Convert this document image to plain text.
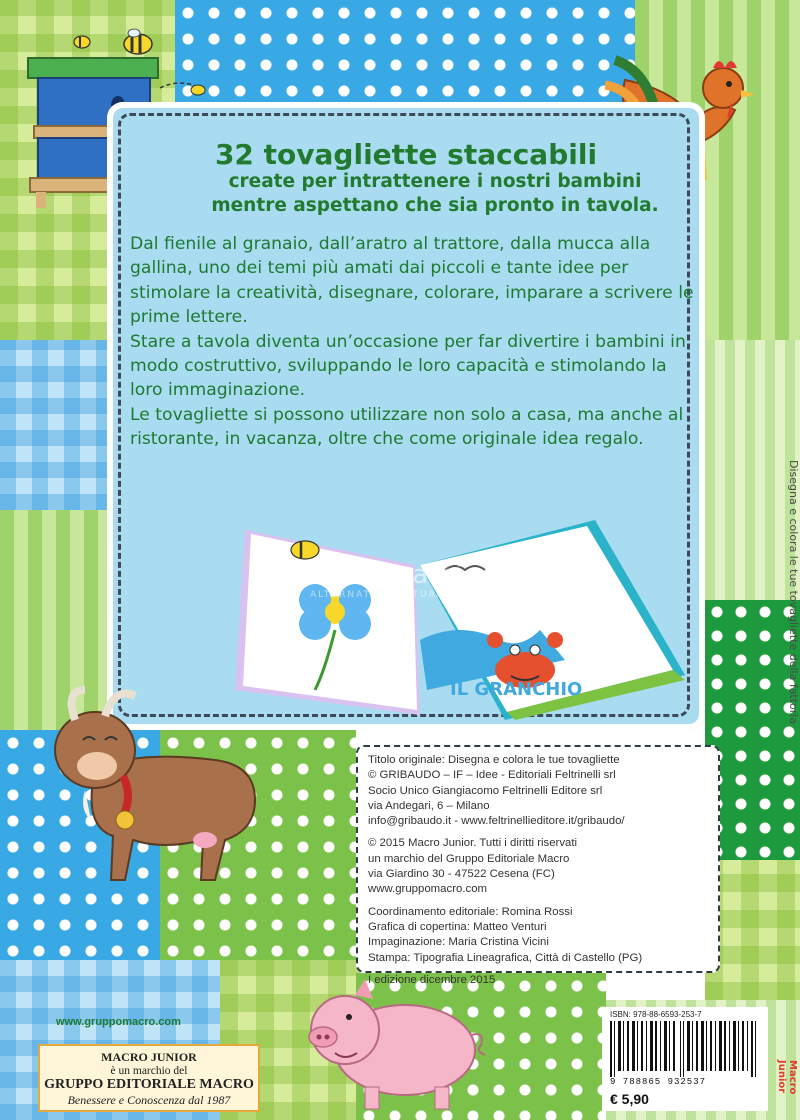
32 tovagliette staccabili
create per intrattenere i nostri bambini
mentre aspettano che sia pronto in tavola.

Dal fienile al granaio, dall’aratro al trattore, dalla mucca alla gallina, uno dei temi più amati dai piccoli e tante idee per stimolare la creatività, disegnare, colorare, imparare a scrivere le prime lettere.

Stare a tavola diventa un’occasione per far divertire i bambini in modo costruttivo, sviluppando le loro capacità e stimolando la loro immaginazione.

Le tovagliette si possono utilizzare non solo a casa, ma anche al ristorante, in vacanza, oltre che come originale idea regalo.

IL GRANCHIO
macrolibrarsi
ALTERNATIVA NATURALE
Titolo originale: Disegna e colora le tue tovagliette
© GRIBAUDO – IF – Idee - Editoriali Feltrinelli srl
Socio Unico Giangiacomo Feltrinelli Editore srl
via Andegari, 6 – Milano
info@gribaudo.it - www.feltrinellieditore.it/gribaudo/
© 2015 Macro Junior. Tutti i diritti riservati
un marchio del Gruppo Editoriale Macro
via Giardino 30 - 47522 Cesena (FC)
www.gruppomacro.com
Coordinamento editoriale: Romina Rossi
Grafica di copertina: Matteo Venturi
Impaginazione: Maria Cristina Vicini
Stampa: Tipografia Lineagrafica, Città di Castello (PG)
I edizione dicembre 2015
ISBN: 978-88-6593-253-7
9 788865 932537
€ 5,90
www.gruppomacro.com
MACRO JUNIOR
è un marchio del
GRUPPO EDITORIALE MACRO
Benessere e Conoscenza dal 1987
Disegna e colora le tue tovagliette della fattoria
Macro Junior
